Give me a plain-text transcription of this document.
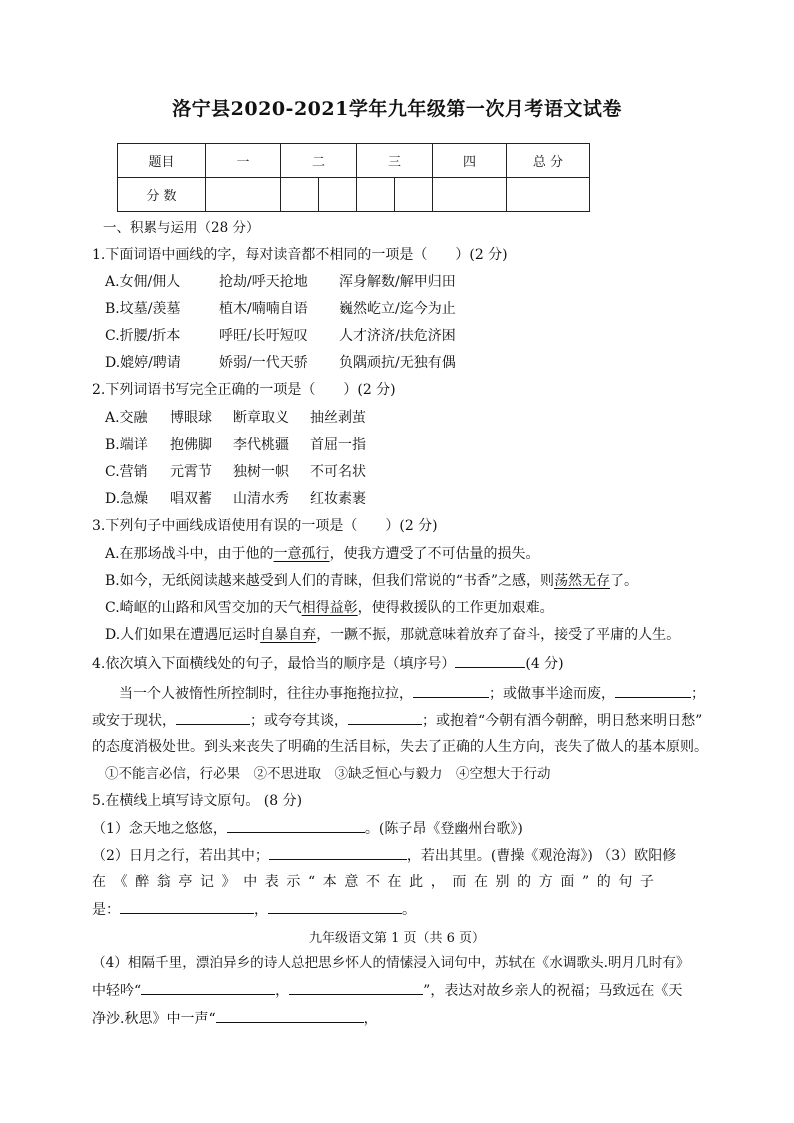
洛宁县2020-2021学年九年级第一次月考语文试卷
题目	一	二		三		四	总 分
分 数							
一、积累与运用（28 分）
1.下面词语中画线的字，每对读音都不相同的一项是（　　）(2 分)
A.女佣/佣人	抢劫/呼天抢地 浑身解数/解甲归田
B.坟墓/羡墓	植木/喃喃自语 巍然屹立/迄今为止
C.折腰/折本	呼旺/长吁短叹 人才济济/扶危济困
D.媲婷/聘请	娇弱/一代天骄 负隅顽抗/无独有偶
2.下列词语书写完全正确的一项是（　　）(2 分)
A.交融 博眼球 断章取义 抽丝剥茧
B.端详 抱佛脚 李代桃疆 首屈一指
C.营销 元霄节 独树一帜 不可名状
D.急燥 唱双蓄 山清水秀 红妆素裹
3.下列句子中画线成语使用有误的一项是（　　）(2 分)
A.在那场战斗中，由于他的一意孤行，使我方遭受了不可估量的损失。
B.如今，无纸阅读越来越受到人们的青睐，但我们常说的“书香”之感，则荡然无存了。
C.崎岖的山路和风雪交加的天气相得益彰，使得救援队的工作更加艰难。
D.人们如果在遭遇厄运时自暴自弃，一蹶不振，那就意味着放弃了奋斗，接受了平庸的人生。
4.依次填入下面横线处的句子，最恰当的顺序是（填序号）	(4 分)
当一个人被惰性所控制时，往往办事拖拖拉拉，	；或做事半途而废，	；
或安于现状，	；或夸夸其谈，	；或抱着“今朝有酒今朝醉，明日愁来明日愁”
的态度消极处世。到头来丧失了明确的生活目标，失去了正确的人生方向，丧失了做人的基本原则。
①不能言必信，行必果　②不思进取　③缺乏恒心与毅力　④空想大于行动
5.在横线上填写诗文原句。 (8 分)
（1）念天地之悠悠，	。(陈子昂《登幽州台歌》)
（2）日月之行，若出其中；	，若出其里。(曹操《观沧海》) （3）欧阳修
在《醉翁亭记》中表示“本意不在此，而在别的方面”的句子
是：	，	。
九年级语文第 1 页（共 6 页）
（4）相隔千里，漂泊异乡的诗人总把思乡怀人的情愫浸入词句中，苏轼在《水调歌头.明月几时有》
中轻吟“	，	”，表达对故乡亲人的祝福；马致远在《天
净沙.秋思》中一声“	，
